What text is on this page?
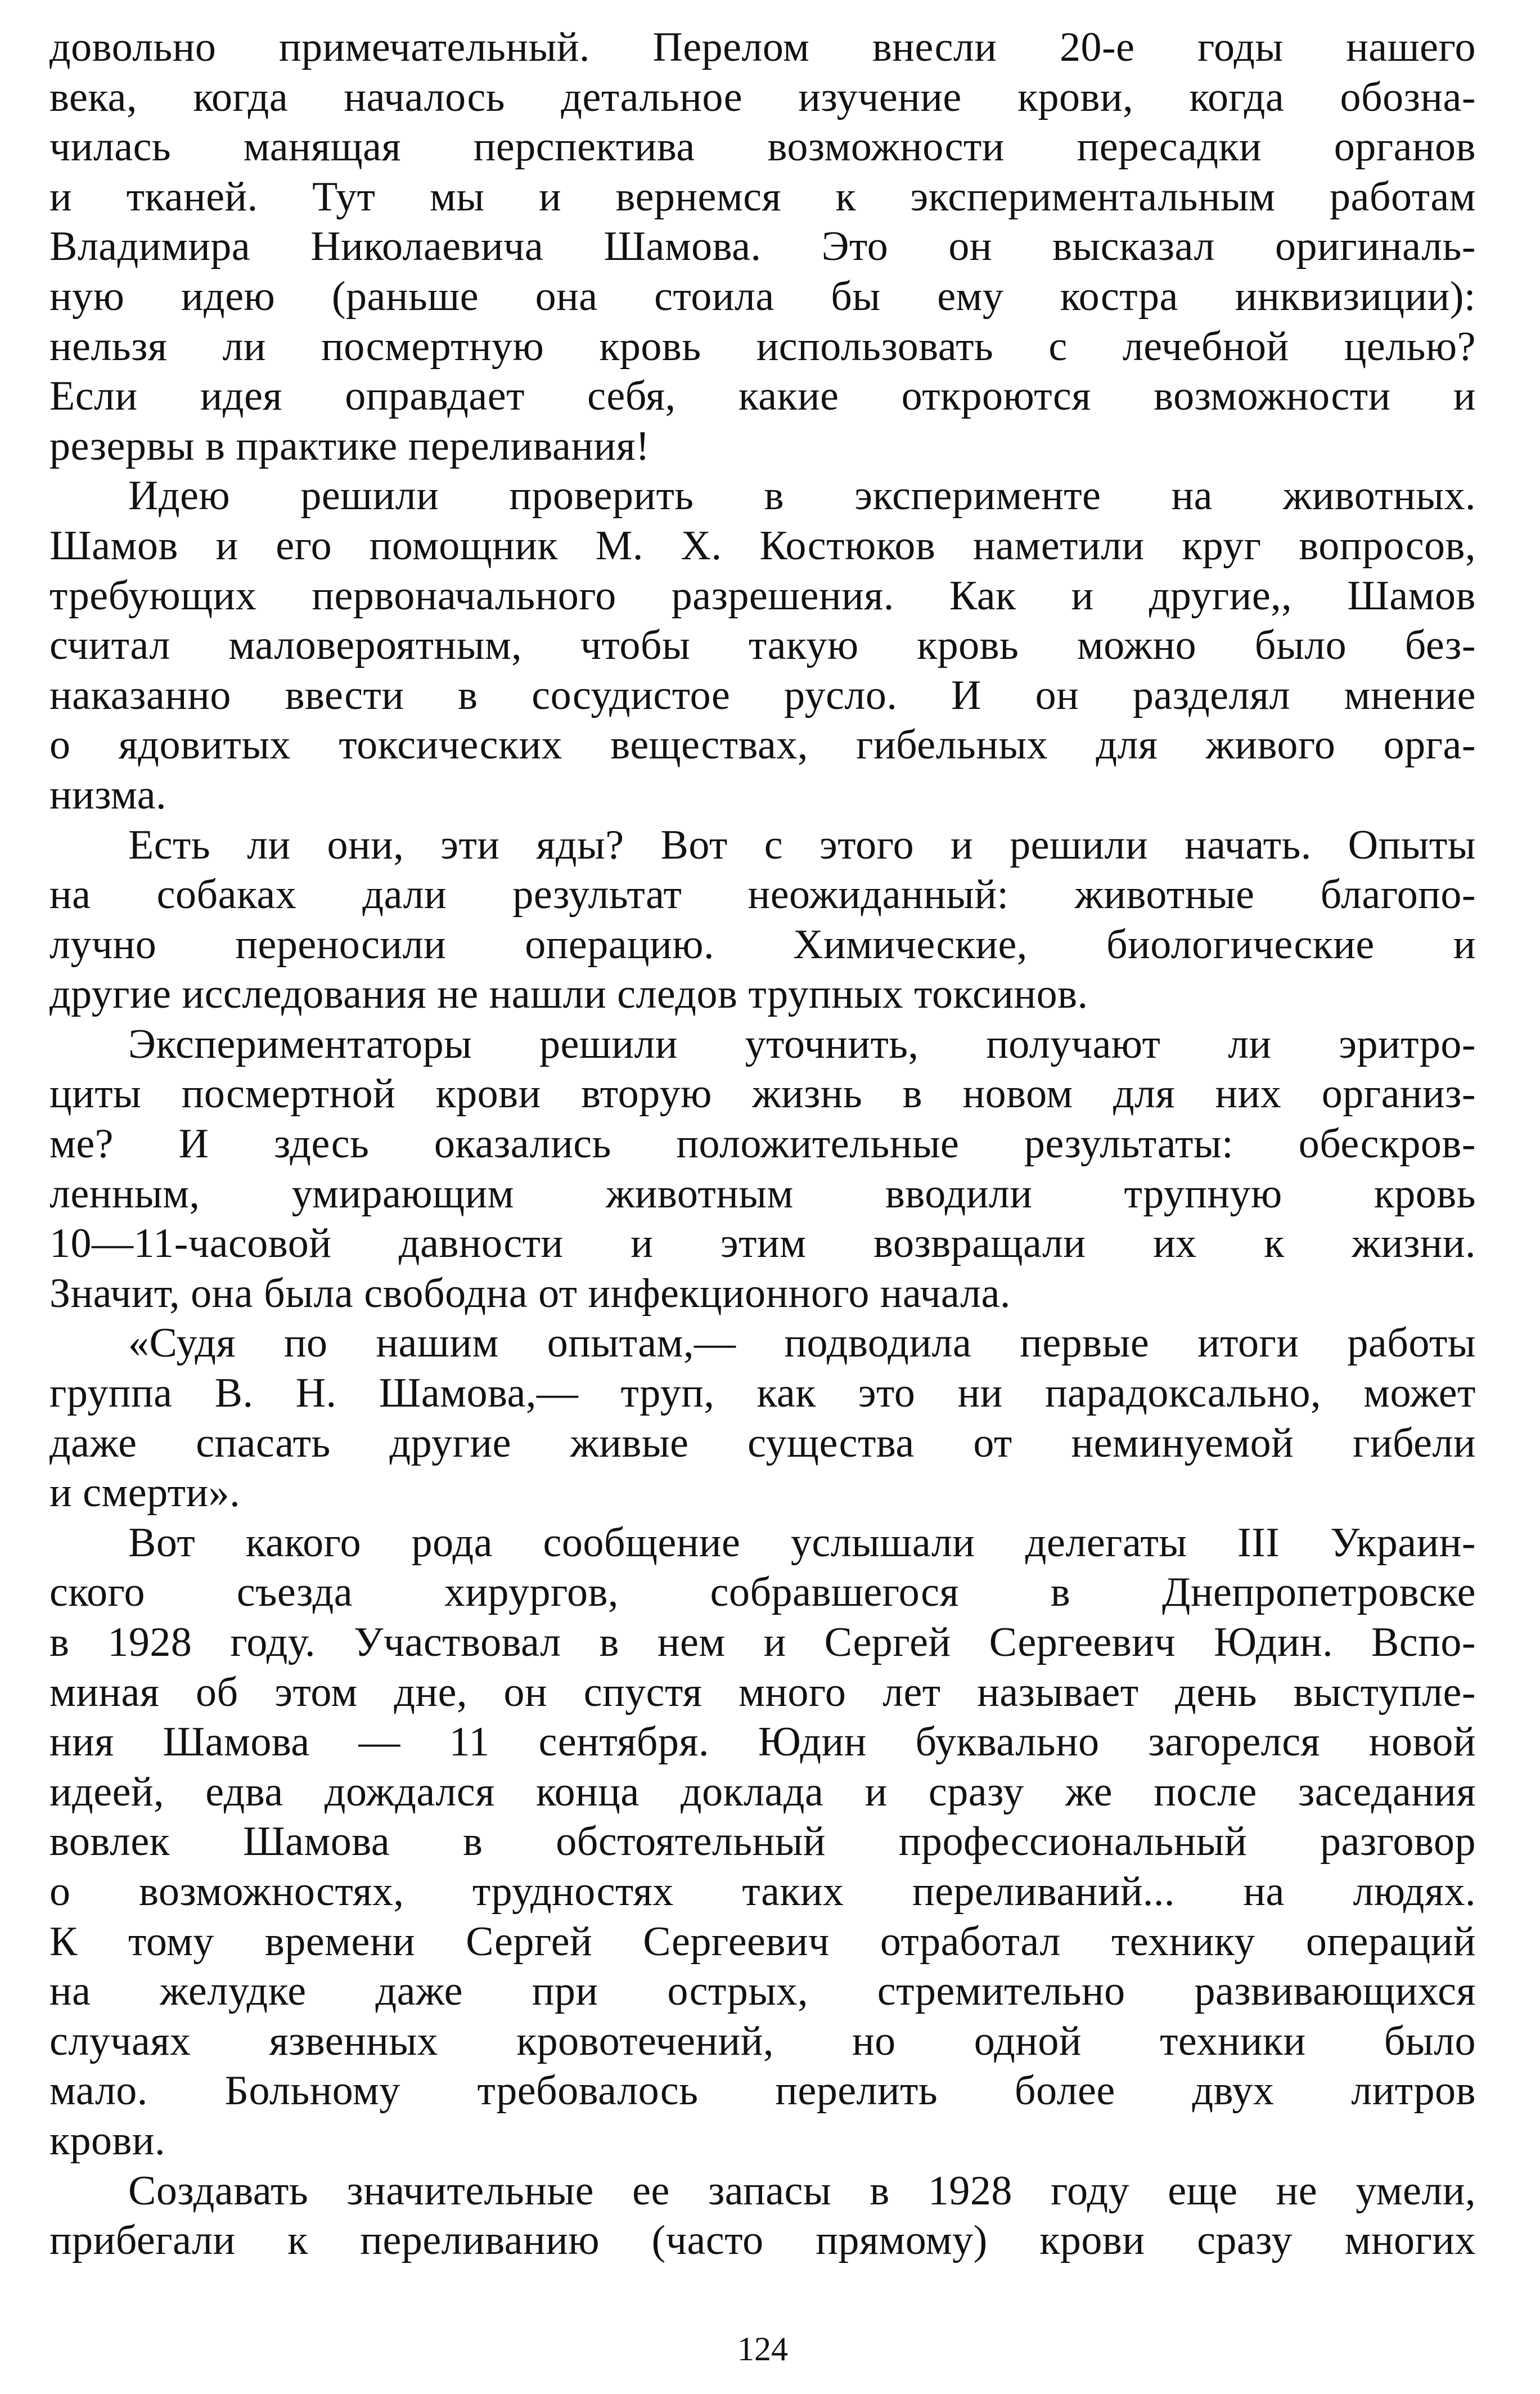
довольно примечательный. Перелом внесли 20-е годы нашего
века, когда началось детальное изучение крови, когда обозна-
чилась манящая перспектива возможности пересадки органов
и тканей. Тут мы и вернемся к экспериментальным работам
Владимира Николаевича Шамова. Это он высказал оригиналь-
ную идею (раньше она стоила бы ему костра инквизиции):
нельзя ли посмертную кровь использовать с лечебной целью?
Если идея оправдает себя, какие откроются возможности и
резервы в практике переливания!
Идею решили проверить в эксперименте на животных.
Шамов и его помощник М. X. Костюков наметили круг вопросов,
требующих первоначального разрешения. Как и другие,, Шамов
считал маловероятным, чтобы такую кровь можно было без-
наказанно ввести в сосудистое русло. И он разделял мнение
о ядовитых токсических веществах, гибельных для живого орга-
низма.
Есть ли они, эти яды? Вот с этого и решили начать. Опыты
на собаках дали результат неожиданный: животные благопо-
лучно переносили операцию. Химические, биологические и
другие исследования не нашли следов трупных токсинов.
Экспериментаторы решили уточнить, получают ли эритро-
циты посмертной крови вторую жизнь в новом для них организ-
ме? И здесь оказались положительные результаты: обескров-
ленным, умирающим животным вводили трупную кровь
10—11-часовой давности и этим возвращали их к жизни.
Значит, она была свободна от инфекционного начала.
«Судя по нашим опытам,— подводила первые итоги работы
группа В. Н. Шамова,— труп, как это ни парадоксально, может
даже спасать другие живые существа от неминуемой гибели
и смерти».
Вот какого рода сообщение услышали делегаты III Украин-
ского съезда хирургов, собравшегося в Днепропетровске
в 1928 году. Участвовал в нем и Сергей Сергеевич Юдин. Вспо-
миная об этом дне, он спустя много лет называет день выступле-
ния Шамова — 11 сентября. Юдин буквально загорелся новой
идеей, едва дождался конца доклада и сразу же после заседания
вовлек Шамова в обстоятельный профессиональный разговор
о возможностях, трудностях таких переливаний... на людях.
К тому времени Сергей Сергеевич отработал технику операций
на желудке даже при острых, стремительно развивающихся
случаях язвенных кровотечений, но одной техники было
мало. Больному требовалось перелить более двух литров
крови.
Создавать значительные ее запасы в 1928 году еще не умели,
прибегали к переливанию (часто прямому) крови сразу многих
124
